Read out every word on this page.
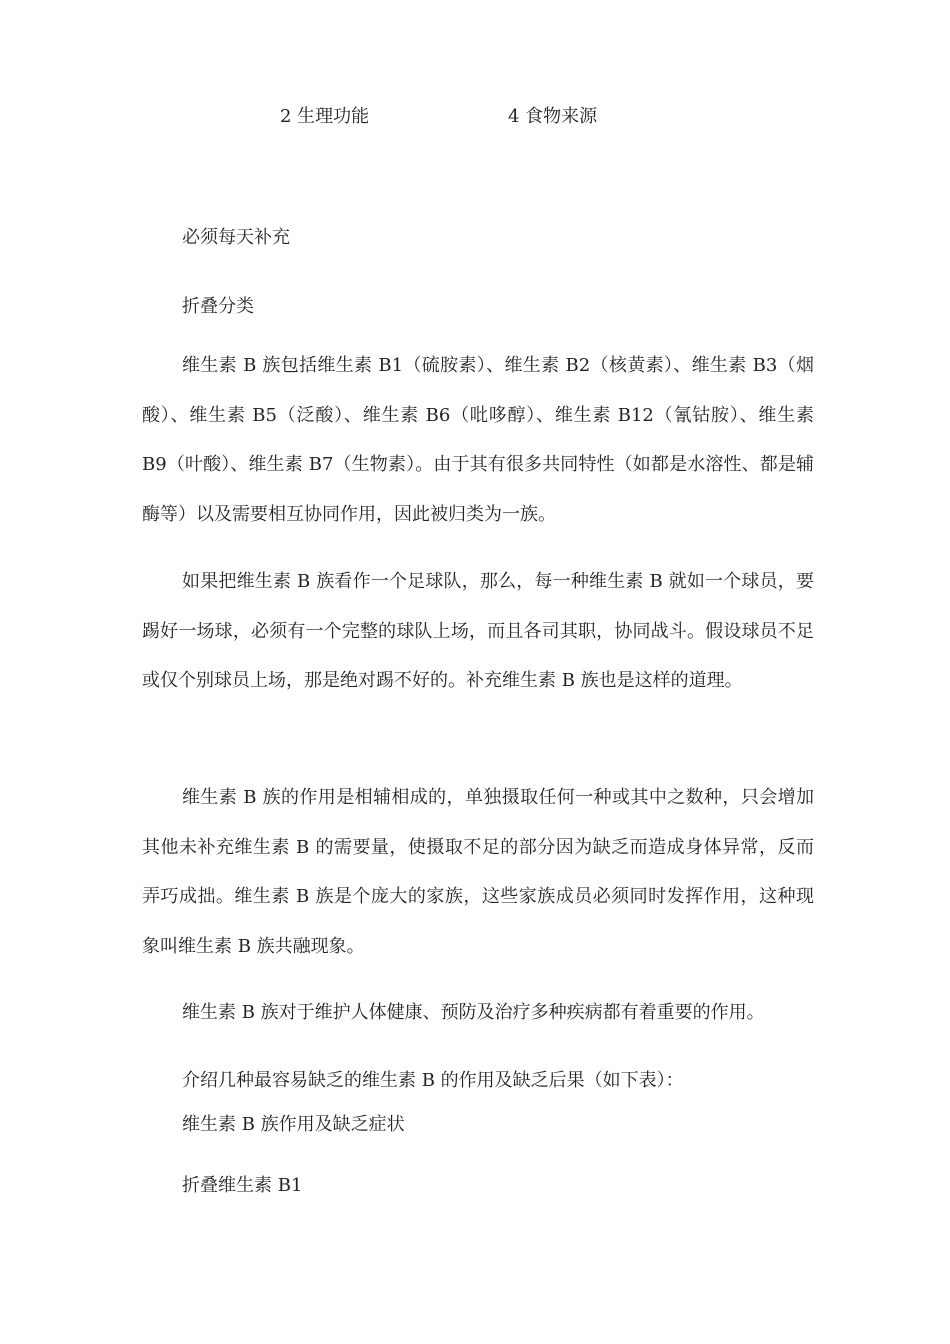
2 生理功能	4 食物来源
必须每天补充
折叠分类

维生素 B 族包括维生素 B1（硫胺素）、维生素 B2（核黄素）、维生素 B3（烟酸）、维生素 B5（泛酸）、维生素 B6（吡哆醇）、维生素 B12（氰钴胺）、维生素 B9（叶酸）、维生素 B7（生物素）。由于其有很多共同特性（如都是水溶性、都是辅酶等）以及需要相互协同作用，因此被归类为一族。

如果把维生素 B 族看作一个足球队，那么，每一种维生素 B 就如一个球员，要踢好一场球，必须有一个完整的球队上场，而且各司其职，协同战斗。假设球员不足或仅个别球员上场，那是绝对踢不好的。补充维生素 B 族也是这样的道理。

维生素 B 族的作用是相辅相成的，单独摄取任何一种或其中之数种，只会增加其他未补充维生素 B 的需要量，使摄取不足的部分因为缺乏而造成身体异常，反而弄巧成拙。维生素 B 族是个庞大的家族，这些家族成员必须同时发挥作用，这种现象叫维生素 B 族共融现象。

维生素 B 族对于维护人体健康、预防及治疗多种疾病都有着重要的作用。
介绍几种最容易缺乏的维生素 B 的作用及缺乏后果（如下表）：
维生素 B 族作用及缺乏症状
折叠维生素 B1
